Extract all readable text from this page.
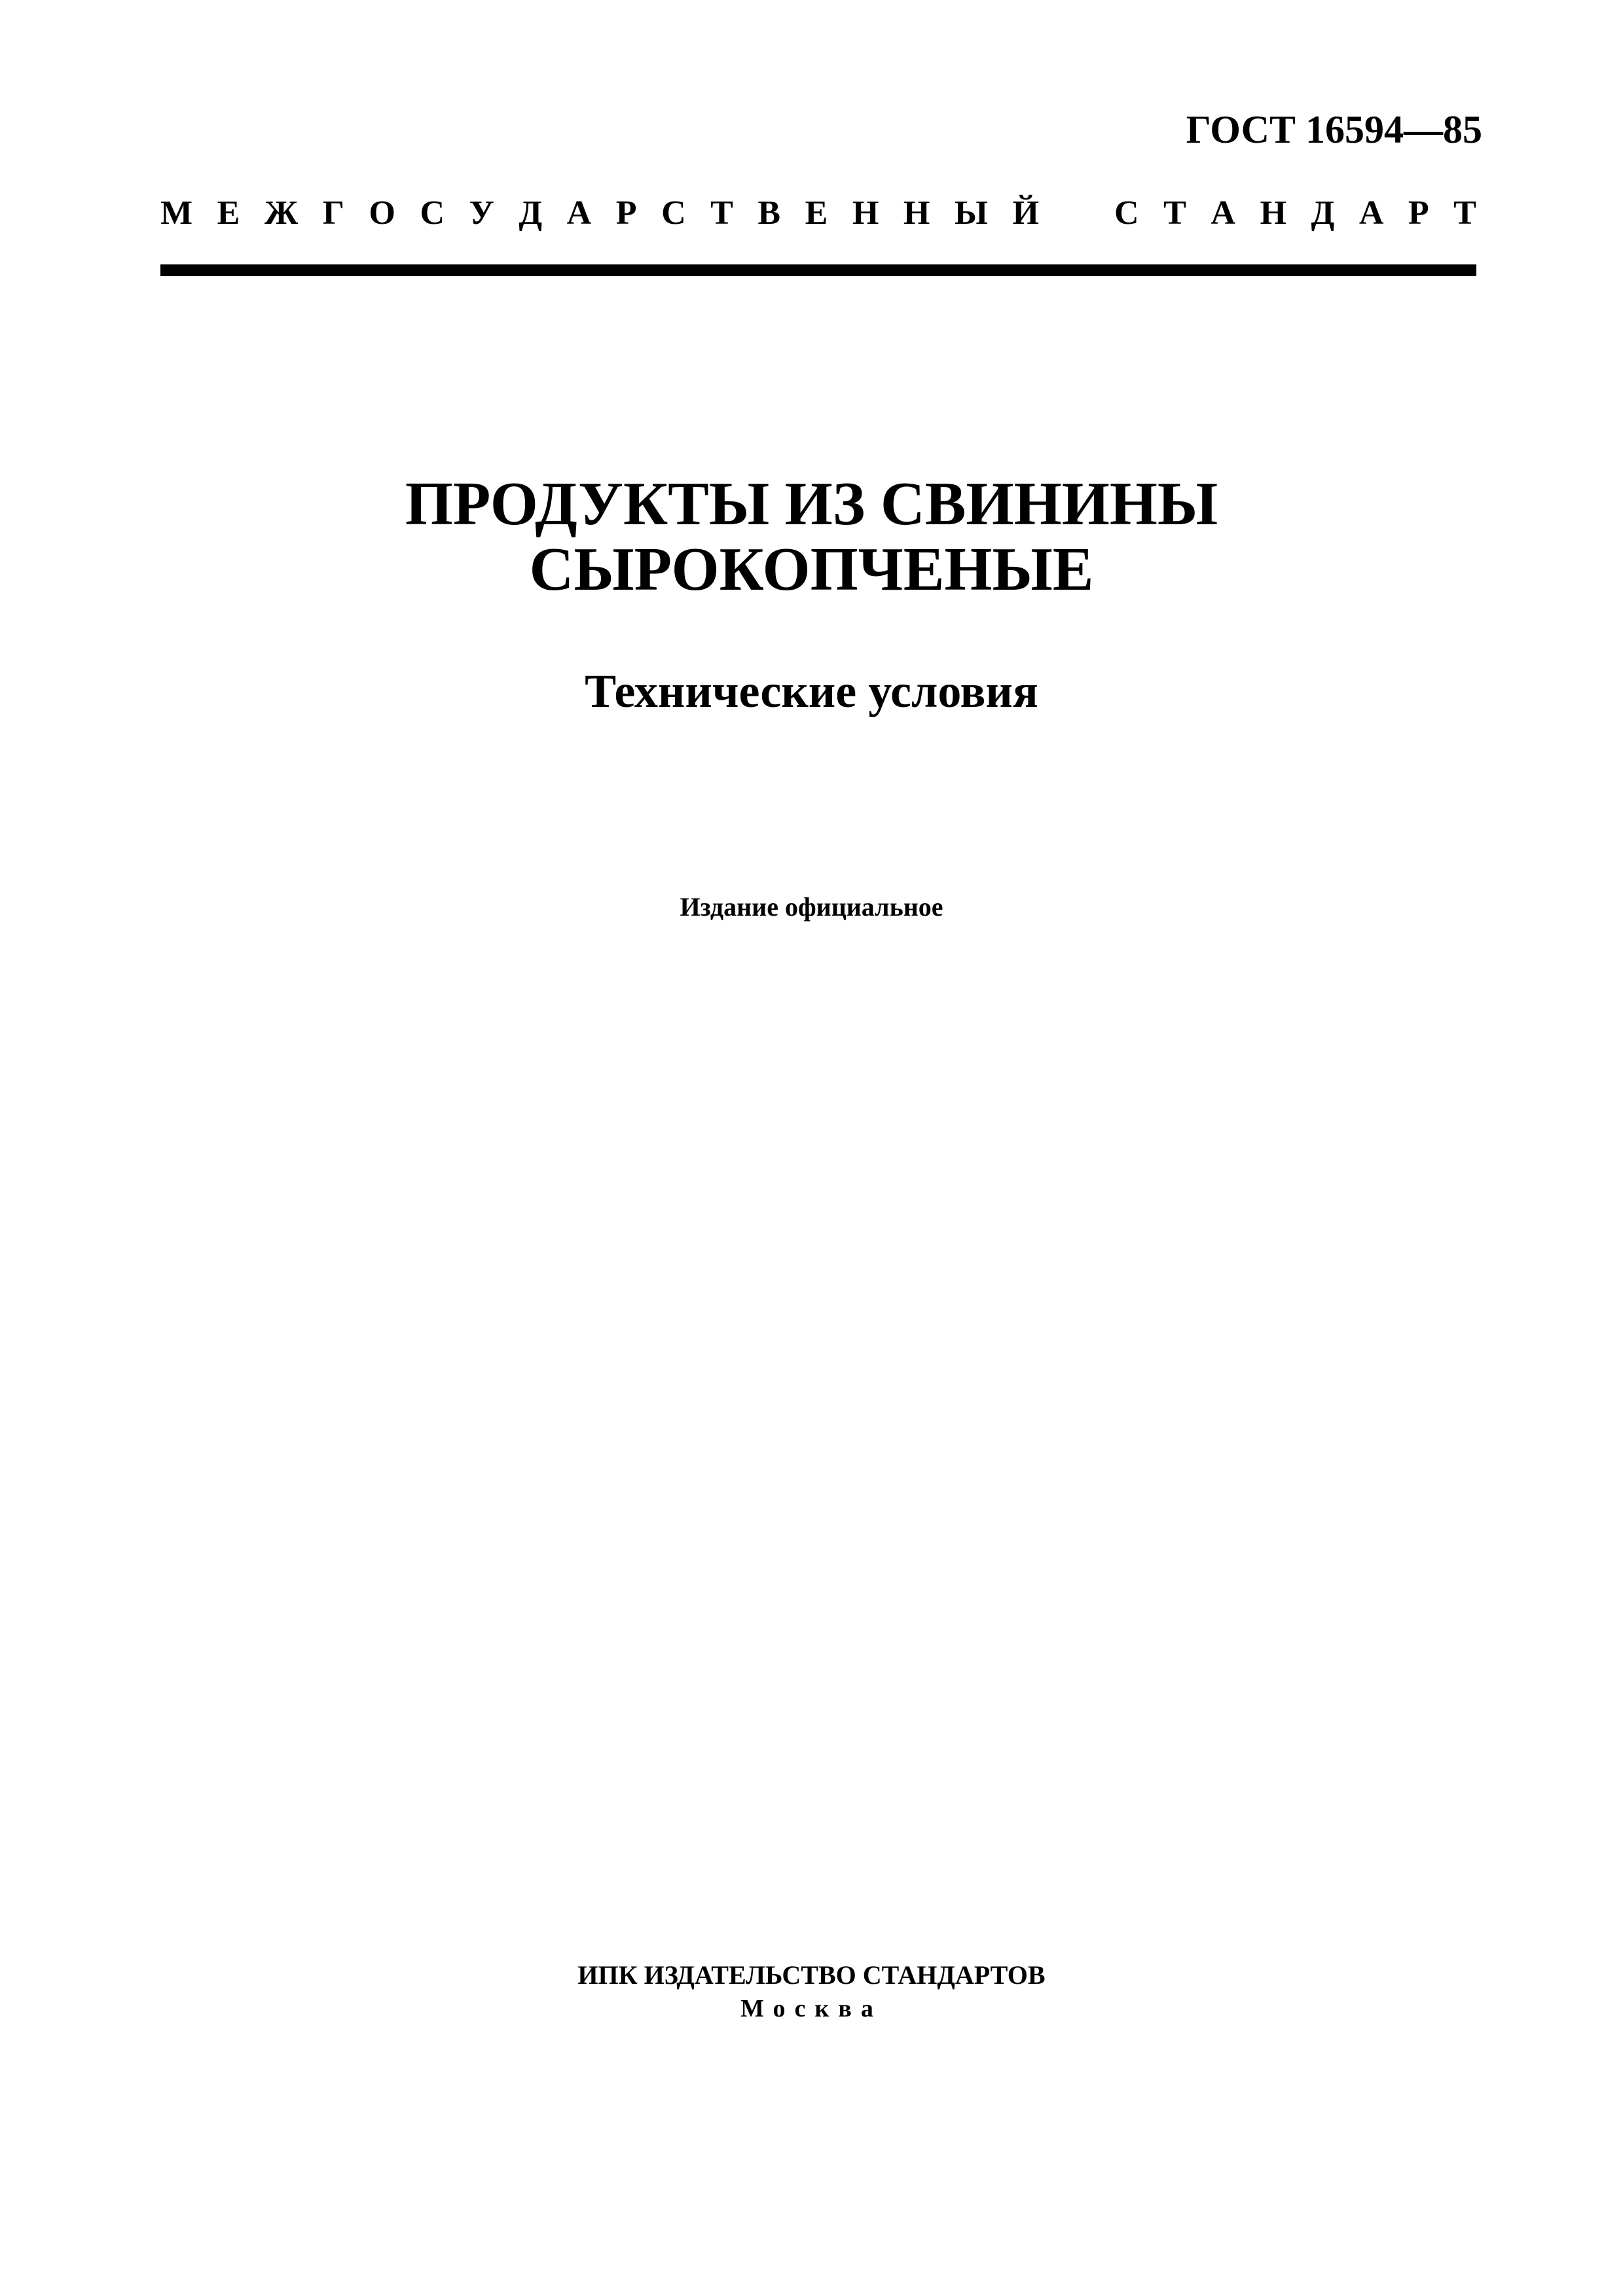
ГОСТ 16594—85
М Е Ж Г О С У Д А Р С Т В Е Н Н Ы Й С Т А Н Д А Р Т
ПРОДУКТЫ ИЗ СВИНИНЫ
СЫРОКОПЧЕНЫЕ
Технические условия
Издание официальное
ИПК ИЗДАТЕЛЬСТВО СТАНДАРТОВ
Москва
